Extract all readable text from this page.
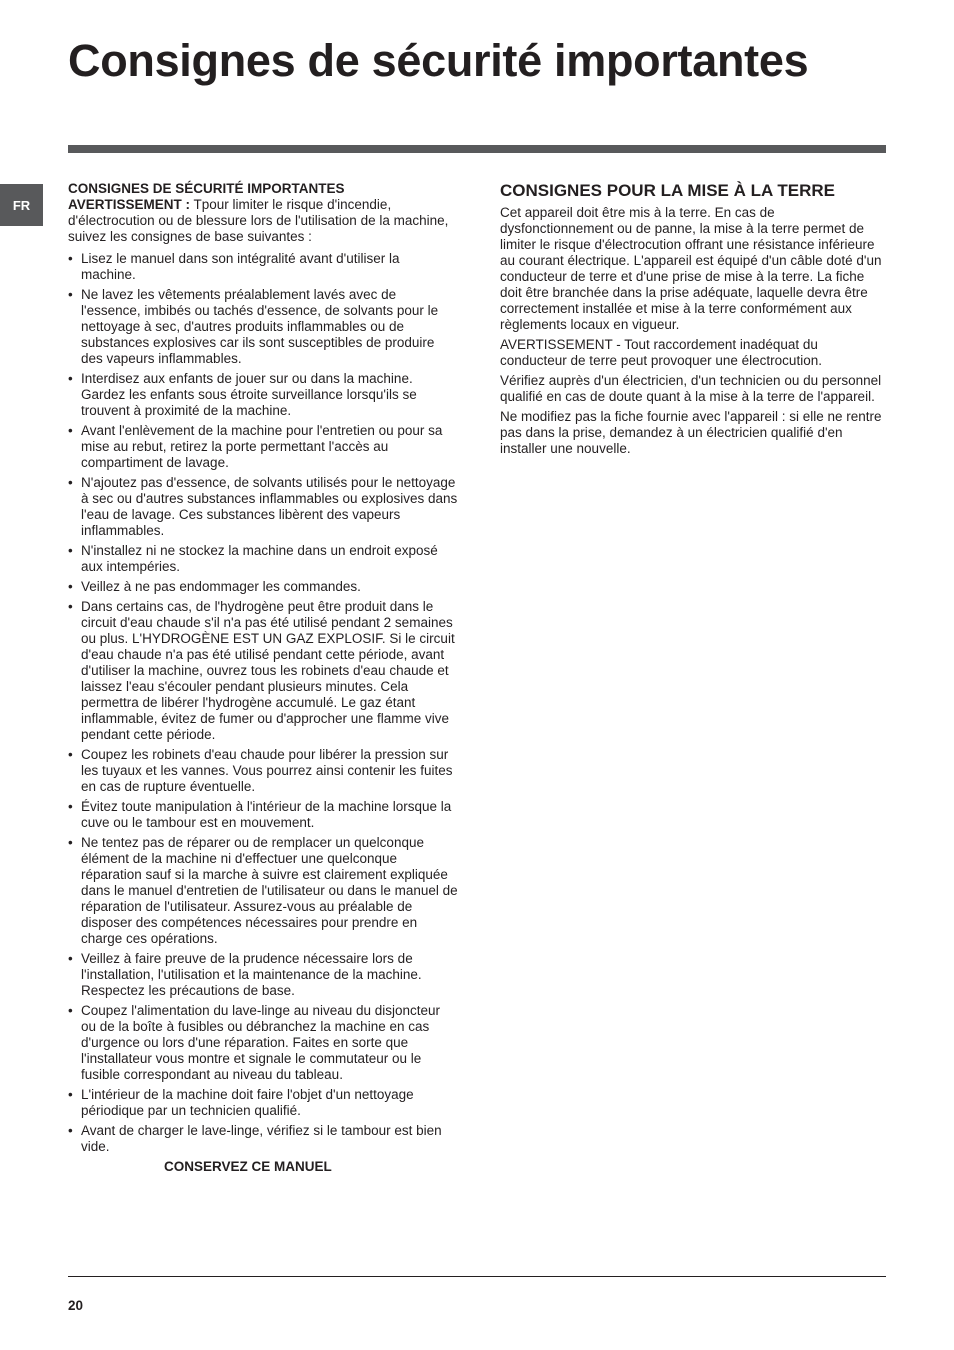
Consignes de sécurité importantes
FR

CONSIGNES DE SÉCURITÉ IMPORTANTES

AVERTISSEMENT : Tpour limiter le risque d'incendie, d'électrocution ou de blessure lors de l'utilisation de la machine, suivez les consignes de base suivantes :

• Lisez le manuel dans son intégralité avant d'utiliser la machine.
• Ne lavez les vêtements préalablement lavés avec de l'essence, imbibés ou tachés d'essence, de solvants pour le nettoyage à sec, d'autres produits inflammables ou de substances explosives car ils sont susceptibles de produire des vapeurs inflammables.
• Interdisez aux enfants de jouer sur ou dans la machine. Gardez les enfants sous étroite surveillance lorsqu'ils se trouvent à proximité de la machine.
• Avant l'enlèvement de la machine pour l'entretien ou pour sa mise au rebut, retirez la porte permettant l'accès au compartiment de lavage.
• N'ajoutez pas d'essence, de solvants utilisés pour le nettoyage à sec ou d'autres substances inflammables ou explosives dans l'eau de lavage. Ces substances libèrent des vapeurs inflammables.
• N'installez ni ne stockez la machine dans un endroit exposé aux intempéries.
• Veillez à ne pas endommager les commandes.
• Dans certains cas, de l'hydrogène peut être produit dans le circuit d'eau chaude s'il n'a pas été utilisé pendant 2 semaines ou plus. L'HYDROGÈNE EST UN GAZ EXPLOSIF. Si le circuit d'eau chaude n'a pas été utilisé pendant cette période, avant d'utiliser la machine, ouvrez tous les robinets d'eau chaude et laissez l'eau s'écouler pendant plusieurs minutes. Cela permettra de libérer l'hydrogène accumulé. Le gaz étant inflammable, évitez de fumer ou d'approcher une flamme vive pendant cette période.
• Coupez les robinets d'eau chaude pour libérer la pression sur les tuyaux et les vannes. Vous pourrez ainsi contenir les fuites en cas de rupture éventuelle.
• Évitez toute manipulation à l'intérieur de la machine lorsque la cuve ou le tambour est en mouvement.
• Ne tentez pas de réparer ou de remplacer un quelconque élément de la machine ni d'effectuer une quelconque réparation sauf si la marche à suivre est clairement expliquée dans le manuel d'entretien de l'utilisateur ou dans le manuel de réparation de l'utilisateur. Assurez-vous au préalable de disposer des compétences nécessaires pour prendre en charge ces opérations.
• Veillez à faire preuve de la prudence nécessaire lors de l'installation, l'utilisation et la maintenance de la machine. Respectez les précautions de base.
• Coupez l'alimentation du lave-linge au niveau du disjoncteur ou de la boîte à fusibles ou débranchez la machine en cas d'urgence ou lors d'une réparation. Faites en sorte que l'installateur vous montre et signale le commutateur ou le fusible correspondant au niveau du tableau.
• L'intérieur de la machine doit faire l'objet d'un nettoyage périodique par un technicien qualifié.
• Avant de charger le lave-linge, vérifiez si le tambour est bien vide.

CONSERVEZ CE MANUEL

CONSIGNES POUR LA MISE À LA TERRE

Cet appareil doit être mis à la terre. En cas de dysfonctionnement ou de panne, la mise à la terre permet de limiter le risque d'électrocution offrant une résistance inférieure au courant électrique. L'appareil est équipé d'un câble doté d'un conducteur de terre et d'une prise de mise à la terre. La fiche doit être branchée dans la prise adéquate, laquelle devra être correctement installée et mise à la terre conformément aux règlements locaux en vigueur.

AVERTISSEMENT - Tout raccordement inadéquat du conducteur de terre peut provoquer une électrocution.

Vérifiez auprès d'un électricien, d'un technicien ou du personnel qualifié en cas de doute quant à la mise à la terre de l'appareil.

Ne modifiez pas la fiche fournie avec l'appareil : si elle ne rentre pas dans la prise, demandez à un électricien qualifié d'en installer une nouvelle.

20
